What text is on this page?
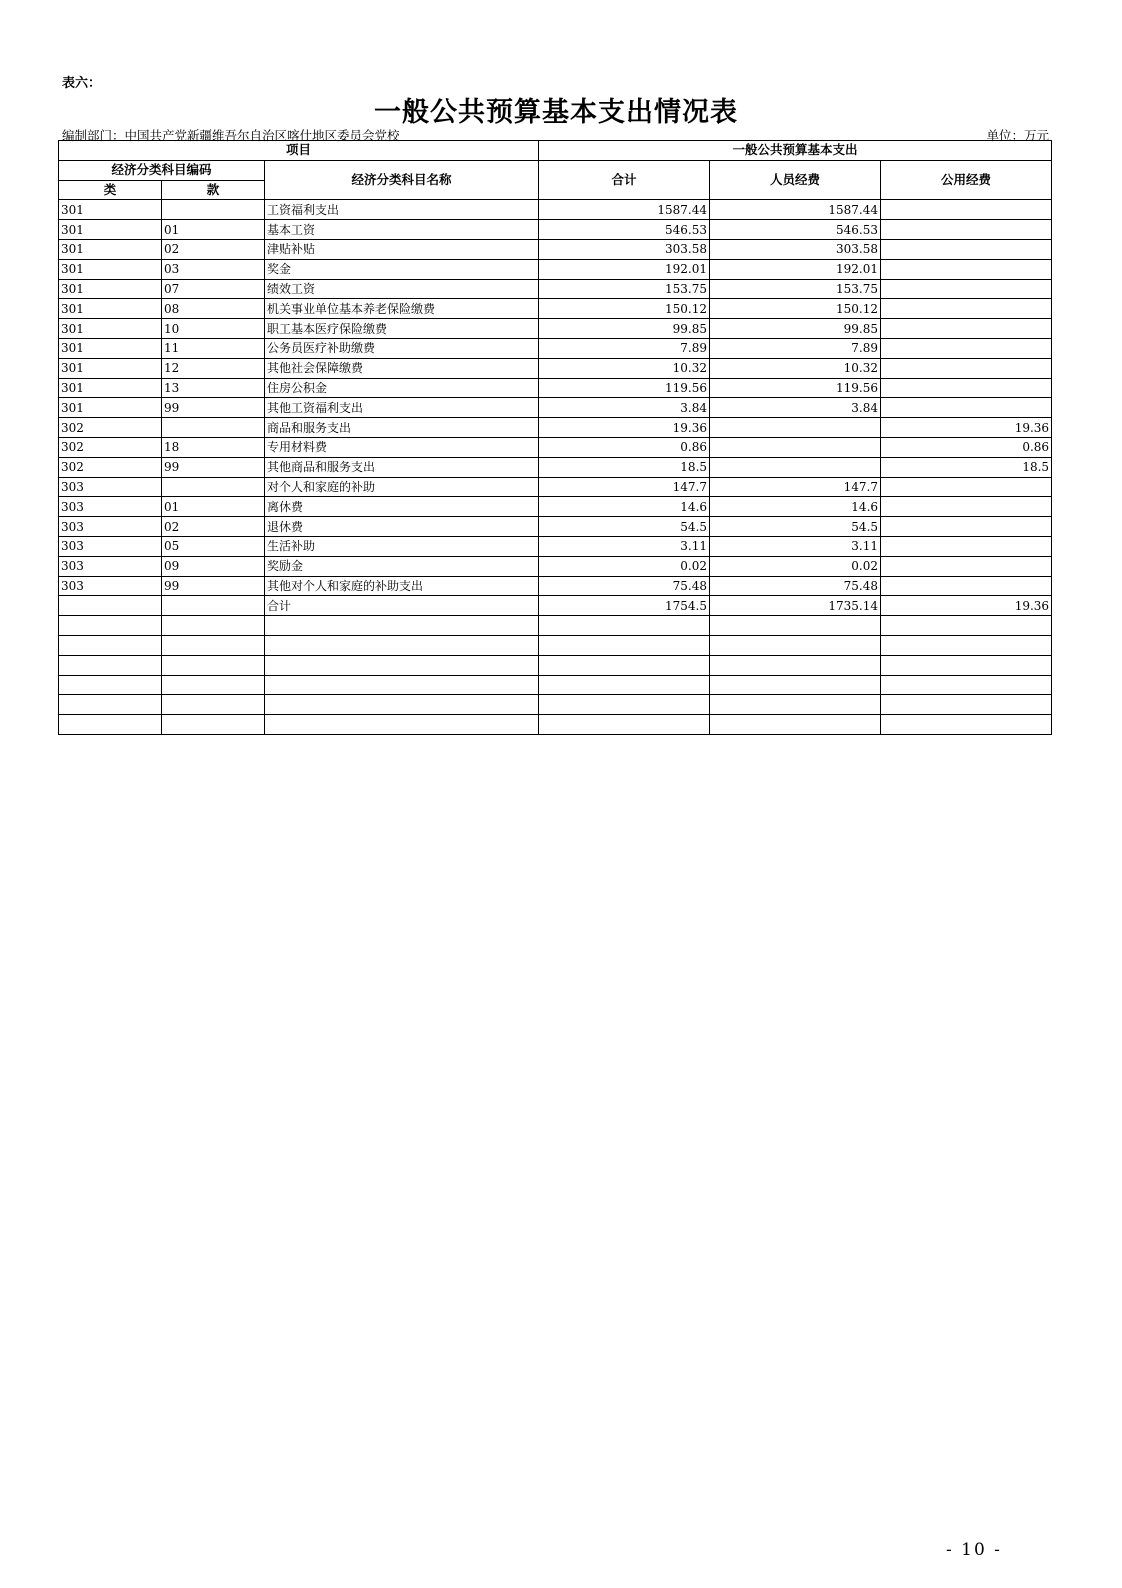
表六：
一般公共预算基本支出情况表
编制部门：中国共产党新疆维吾尔自治区喀什地区委员会党校	单位：万元
项目			一般公共预算基本支出		
经济分类科目编码		经济分类科目名称	合计	人员经费	公用经费
类	款				
301		工资福利支出	1587.44	1587.44	
301	01	基本工资	546.53	546.53	
301	02	津贴补贴	303.58	303.58	
301	03	奖金	192.01	192.01	
301	07	绩效工资	153.75	153.75	
301	08	机关事业单位基本养老保险缴费	150.12	150.12	
301	10	职工基本医疗保险缴费	99.85	99.85	
301	11	公务员医疗补助缴费	7.89	7.89	
301	12	其他社会保障缴费	10.32	10.32	
301	13	住房公积金	119.56	119.56	
301	99	其他工资福利支出	3.84	3.84	
302		商品和服务支出	19.36		19.36
302	18	专用材料费	0.86		0.86
302	99	其他商品和服务支出	18.5		18.5
303		对个人和家庭的补助	147.7	147.7	
303	01	离休费	14.6	14.6	
303	02	退休费	54.5	54.5	
303	05	生活补助	3.11	3.11	
303	09	奖励金	0.02	0.02	
303	99	其他对个人和家庭的补助支出	75.48	75.48	
		合计	1754.5	1735.14	19.36

- 10 -
